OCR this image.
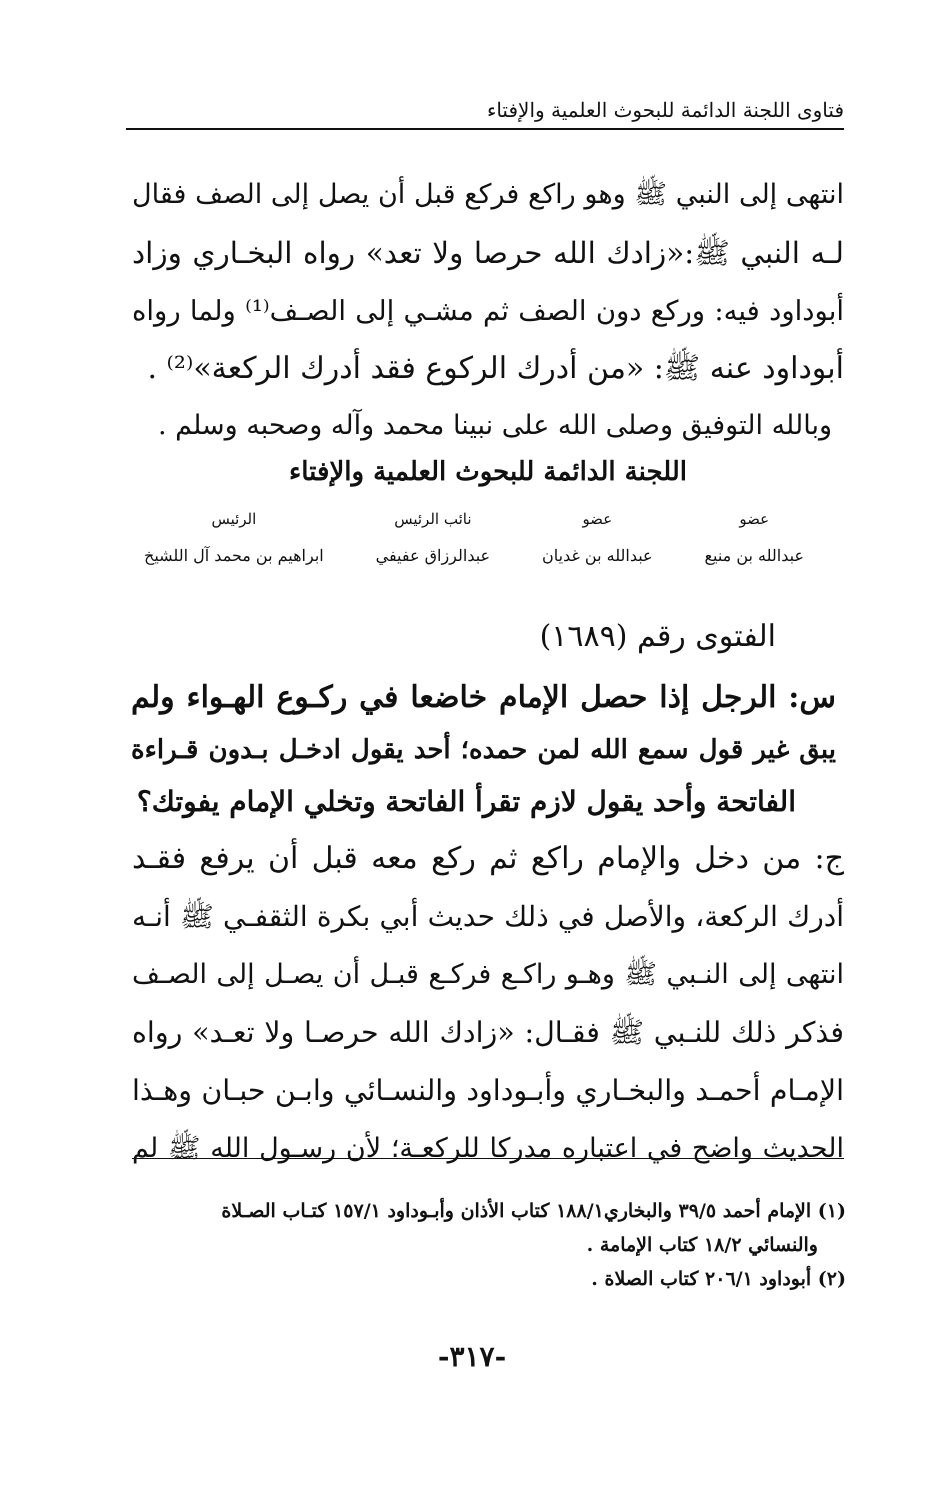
فتاوى اللجنة الدائمة للبحوث العلمية والإفتاء
انتهى إلى النبي ﷺ وهو راكع فركع قبل أن يصل إلى الصف فقال
لـه النبي ﷺ:«زادك الله حرصا ولا تعد» رواه البخـاري وزاد
أبوداود فيه: وركع دون الصف ثم مشـي إلى الصـف⁽¹⁾ ولما رواه
أبوداود عنه ﷺ: «من أدرك الركوع فقد أدرك الركعة»⁽²⁾ .
وبالله التوفيق وصلى الله على نبينا محمد وآله وصحبه وسلم .
اللجنة الدائمة للبحوث العلمية والإفتاء
عضو
عبدالله بن منيع
عضو
عبدالله بن غديان
نائب الرئيس
عبدالرزاق عفيفي
الرئيس
ابراهيم بن محمد آل اللشيخ
الفتوى رقم (١٦٨٩)
س: الرجل إذا حصل الإمام خاضعا في ركـوع الهـواء ولم
يبق غير قول سمع الله لمن حمده؛ أحد يقول ادخـل بـدون قـراءة
الفاتحة وأحد يقول لازم تقرأ الفاتحة وتخلي الإمام يفوتك؟
ج: من دخل والإمام راكع ثم ركع معه قبل أن يرفع فقـد
أدرك الركعة، والأصل في ذلك حديث أبي بكرة الثقفـي ﷺ أنـه
انتهى إلى النـبي ﷺ وهـو راكـع فركـع قبـل أن يصـل إلى الصـف
فذكر ذلك للنـبي ﷺ فقـال: «زادك الله حرصـا ولا تعـد» رواه
الإمـام أحمـد والبخـاري وأبـوداود والنسـائي وابـن حبـان وهـذا
الحديث واضح في اعتباره مدركا للركعـة؛ لأن رسـول الله ﷺ لم
(١) الإمام أحمد ٣٩/٥ والبخاري١٨٨/١ كتاب الأذان وأبـوداود ١٥٧/١ كتـاب الصـلاة
والنسائي ١٨/٢ كتاب الإمامة .
(٢) أبوداود ٢٠٦/١ كتاب الصلاة .
-٣١٧-
